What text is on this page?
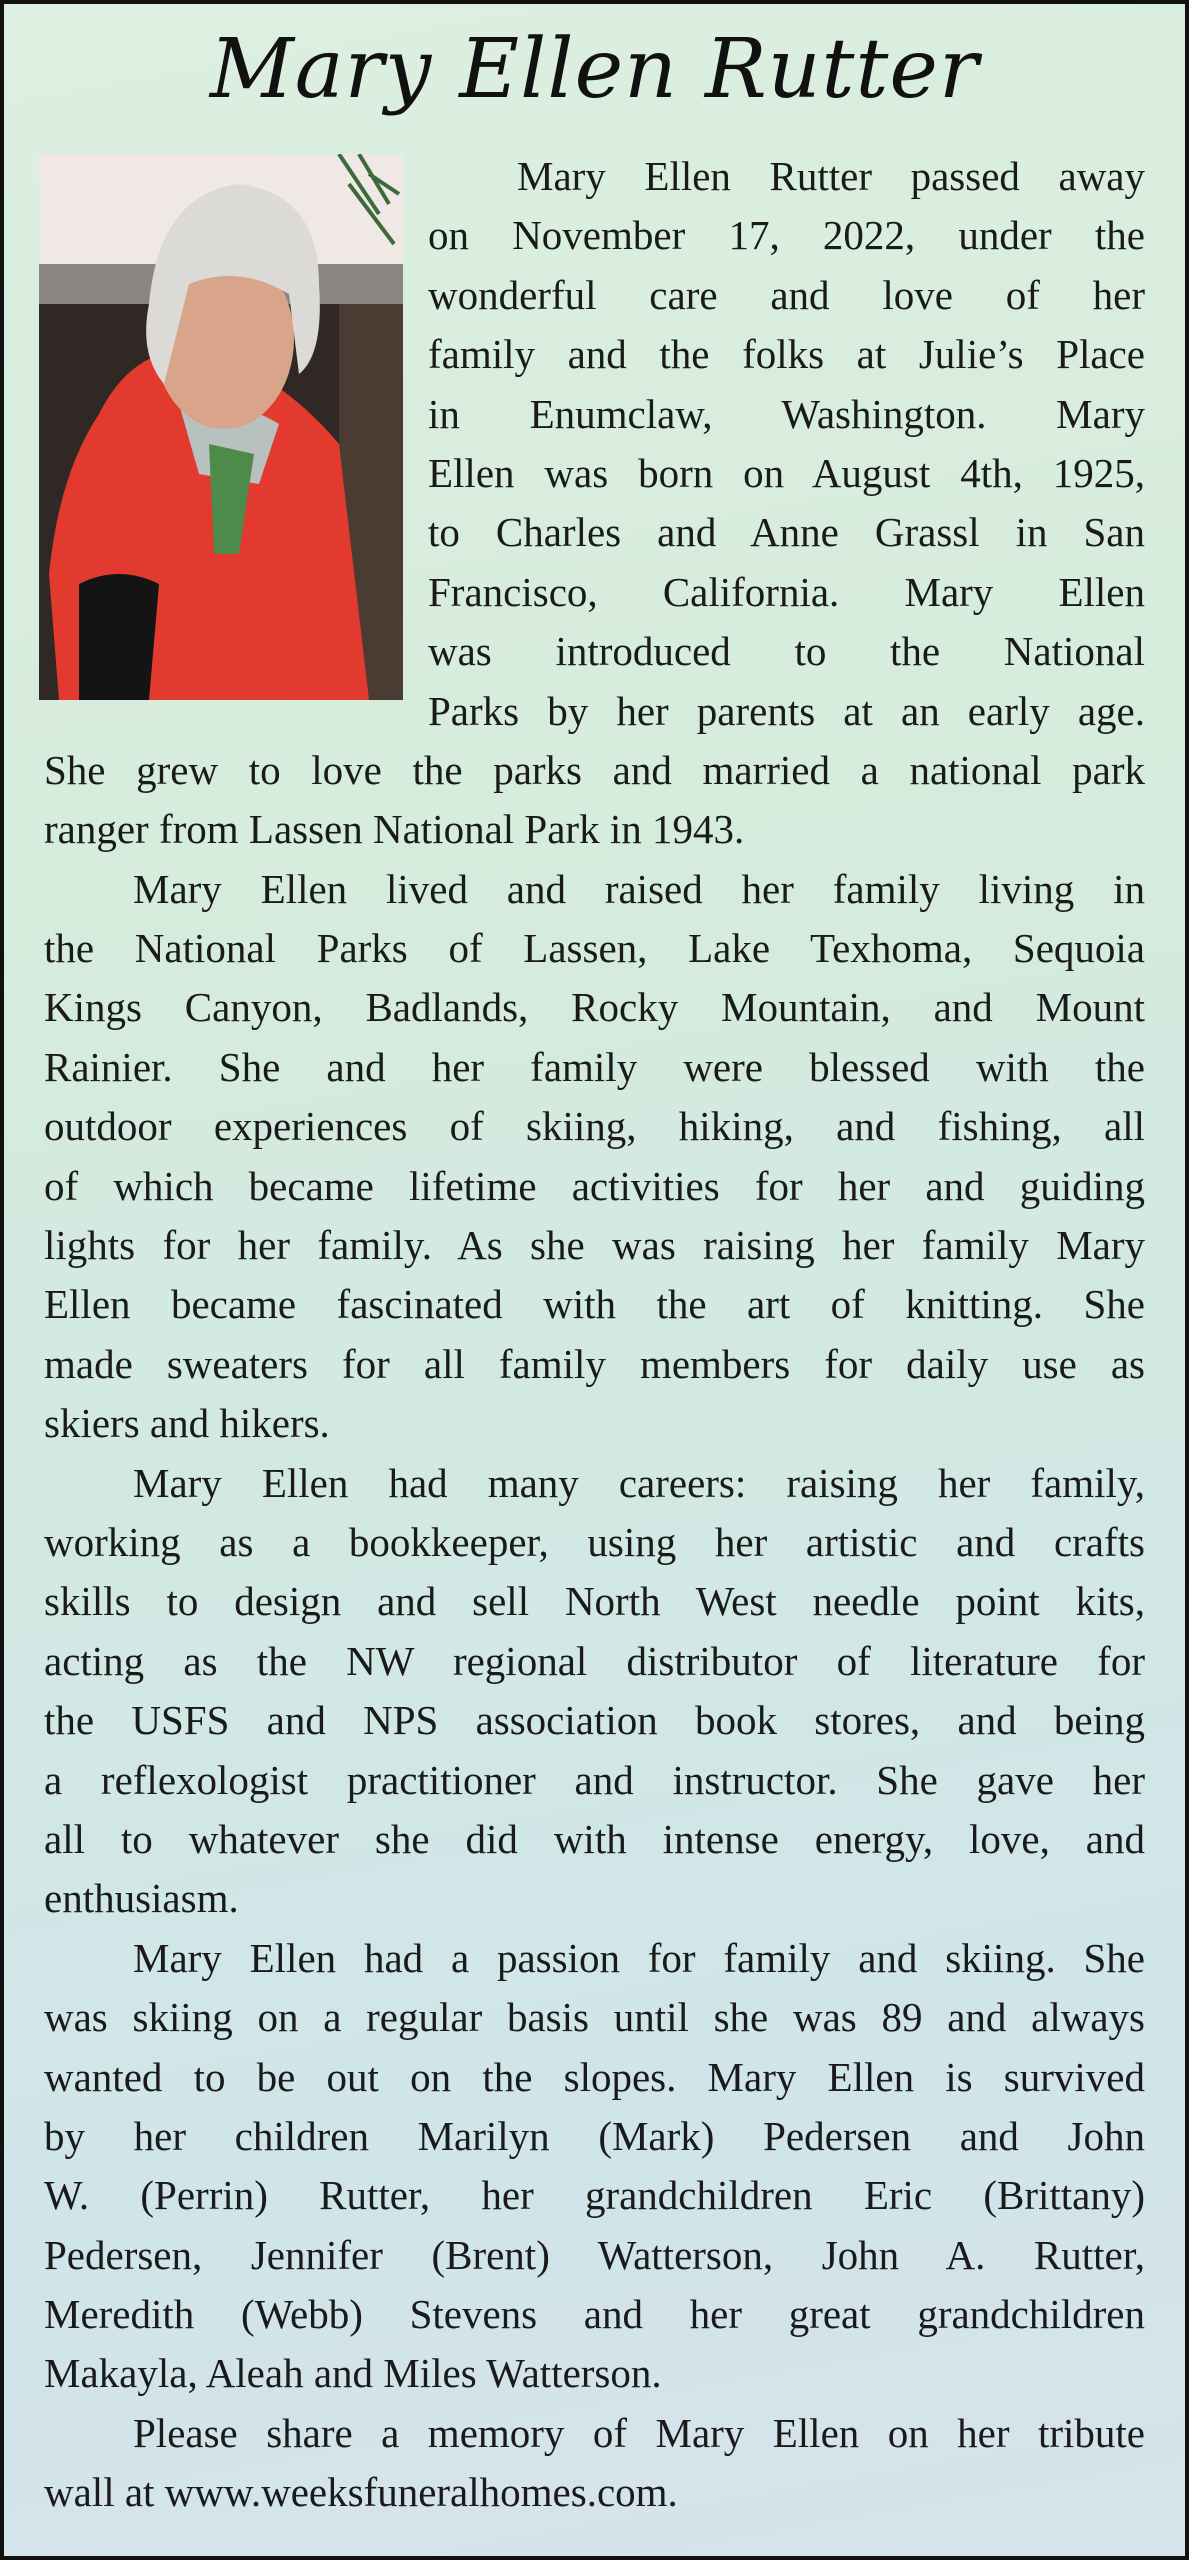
Mary Ellen Rutter
Mary Ellen Rutter passed away
on November 17, 2022, under the
wonderful care and love of her
family and the folks at Julie’s Place
in Enumclaw, Washington. Mary
Ellen was born on August 4th, 1925,
to Charles and Anne Grassl in San
Francisco, California. Mary Ellen
was introduced to the National
Parks by her parents at an early age.
She grew to love the parks and married a national park
ranger from Lassen National Park in 1943.
Mary Ellen lived and raised her family living in
the National Parks of Lassen, Lake Texhoma, Sequoia
Kings Canyon, Badlands, Rocky Mountain, and Mount
Rainier. She and her family were blessed with the
outdoor experiences of skiing, hiking, and fishing, all
of which became lifetime activities for her and guiding
lights for her family. As she was raising her family Mary
Ellen became fascinated with the art of knitting. She
made sweaters for all family members for daily use as
skiers and hikers.
Mary Ellen had many careers: raising her family,
working as a bookkeeper, using her artistic and crafts
skills to design and sell North West needle point kits,
acting as the NW regional distributor of literature for
the USFS and NPS association book stores, and being
a reflexologist practitioner and instructor. She gave her
all to whatever she did with intense energy, love, and
enthusiasm.
Mary Ellen had a passion for family and skiing. She
was skiing on a regular basis until she was 89 and always
wanted to be out on the slopes. Mary Ellen is survived
by her children Marilyn (Mark) Pedersen and John
W. (Perrin) Rutter, her grandchildren Eric (Brittany)
Pedersen, Jennifer (Brent) Watterson, John A. Rutter,
Meredith (Webb) Stevens and her great grandchildren
Makayla, Aleah and Miles Watterson.
Please share a memory of Mary Ellen on her tribute
wall at www.weeksfuneralhomes.com.
